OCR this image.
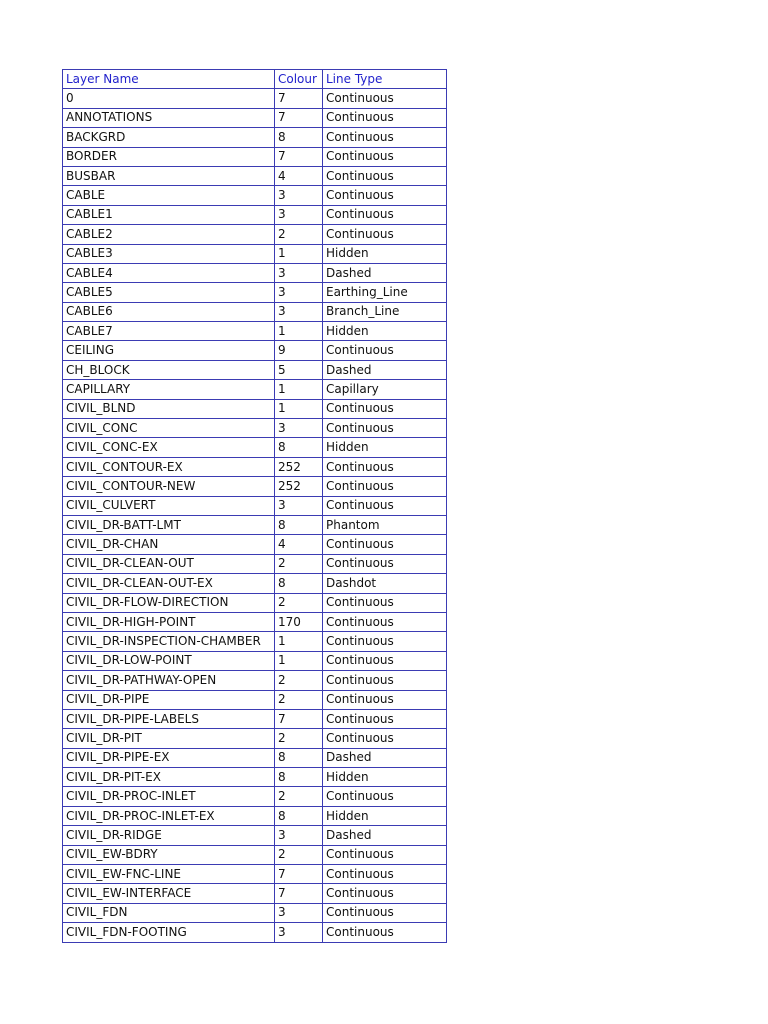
Layer Name	Colour	Line Type
0	7	Continuous
ANNOTATIONS	7	Continuous
BACKGRD	8	Continuous
BORDER	7	Continuous
BUSBAR	4	Continuous
CABLE	3	Continuous
CABLE1	3	Continuous
CABLE2	2	Continuous
CABLE3	1	Hidden
CABLE4	3	Dashed
CABLE5	3	Earthing_Line
CABLE6	3	Branch_Line
CABLE7	1	Hidden
CEILING	9	Continuous
CH_BLOCK	5	Dashed
CAPILLARY	1	Capillary
CIVIL_BLND	1	Continuous
CIVIL_CONC	3	Continuous
CIVIL_CONC-EX	8	Hidden
CIVIL_CONTOUR-EX	252	Continuous
CIVIL_CONTOUR-NEW	252	Continuous
CIVIL_CULVERT	3	Continuous
CIVIL_DR-BATT-LMT	8	Phantom
CIVIL_DR-CHAN	4	Continuous
CIVIL_DR-CLEAN-OUT	2	Continuous
CIVIL_DR-CLEAN-OUT-EX	8	Dashdot
CIVIL_DR-FLOW-DIRECTION	2	Continuous
CIVIL_DR-HIGH-POINT	170	Continuous
CIVIL_DR-INSPECTION-CHAMBER	1	Continuous
CIVIL_DR-LOW-POINT	1	Continuous
CIVIL_DR-PATHWAY-OPEN	2	Continuous
CIVIL_DR-PIPE	2	Continuous
CIVIL_DR-PIPE-LABELS	7	Continuous
CIVIL_DR-PIT	2	Continuous
CIVIL_DR-PIPE-EX	8	Dashed
CIVIL_DR-PIT-EX	8	Hidden
CIVIL_DR-PROC-INLET	2	Continuous
CIVIL_DR-PROC-INLET-EX	8	Hidden
CIVIL_DR-RIDGE	3	Dashed
CIVIL_EW-BDRY	2	Continuous
CIVIL_EW-FNC-LINE	7	Continuous
CIVIL_EW-INTERFACE	7	Continuous
CIVIL_FDN	3	Continuous
CIVIL_FDN-FOOTING	3	Continuous
